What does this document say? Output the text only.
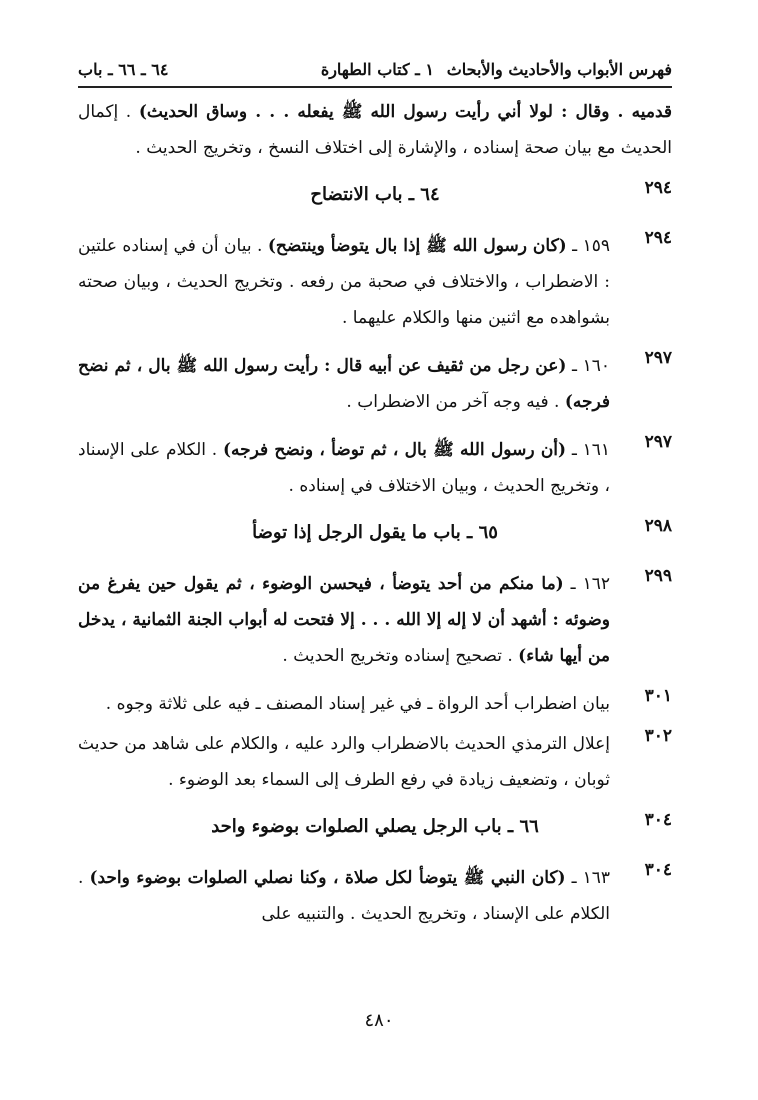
فهرس الأبواب والأحاديث والأبحاث
١ ـ كتاب الطهارة
٦٤ ـ ٦٦ ـ باب
قدميه . وقال : لولا أني رأيت رسول الله ﷺ يفعله . . . وساق الحديث) . إكمال الحديث مع بيان صحة إسناده ، والإشارة إلى اختلاف النسخ ، وتخريج الحديث .
٢٩٤
٦٤ ـ باب الانتضاح
٢٩٤
١٥٩ ـ (كان رسول الله ﷺ إذا بال يتوضأ وينتضح) . بيان أن في إسناده علتين : الاضطراب ، والاختلاف في صحبة من رفعه . وتخريج الحديث ، وبيان صحته بشواهده مع اثنين منها والكلام عليهما .
٢٩٧
١٦٠ ـ (عن رجل من ثقيف عن أبيه قال : رأيت رسول الله ﷺ بال ، ثم نضح فرجه) . فيه وجه آخر من الاضطراب .
٢٩٧
١٦١ ـ (أن رسول الله ﷺ بال ، ثم توضأ ، ونضح فرجه) . الكلام على الإسناد ، وتخريج الحديث ، وبيان الاختلاف في إسناده .
٢٩٨
٦٥ ـ باب ما يقول الرجل إذا توضأ
٢٩٩
١٦٢ ـ (ما منكم من أحد يتوضأ ، فيحسن الوضوء ، ثم يقول حين يفرغ من وضوئه : أشهد أن لا إله إلا الله . . . إلا فتحت له أبواب الجنة الثمانية ، يدخل من أيها شاء) . تصحيح إسناده وتخريج الحديث .
٣٠١
بيان اضطراب أحد الرواة ـ في غير إسناد المصنف ـ فيه على ثلاثة وجوه .
٣٠٢
إعلال الترمذي الحديث بالاضطراب والرد عليه ، والكلام على شاهد من حديث ثوبان ، وتضعيف زيادة في رفع الطرف إلى السماء بعد الوضوء .
٣٠٤
٦٦ ـ باب الرجل يصلي الصلوات بوضوء واحد
٣٠٤
١٦٣ ـ (كان النبي ﷺ يتوضأ لكل صلاة ، وكنا نصلي الصلوات بوضوء واحد) . الكلام على الإسناد ، وتخريج الحديث . والتنبيه على
٤٨٠
